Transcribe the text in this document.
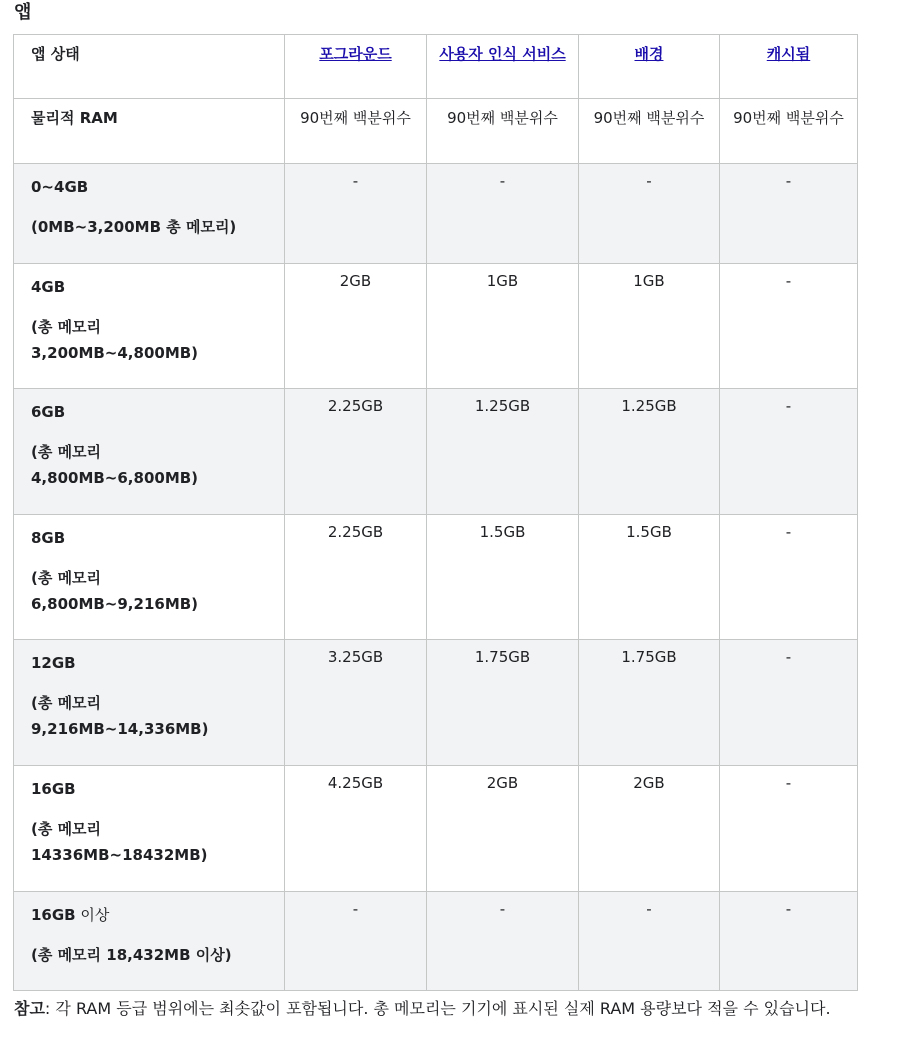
앱
앱 상태	포그라운드	사용자 인식 서비스	배경	캐시됨
물리적 RAM	90번째 백분위수	90번째 백분위수	90번째 백분위수	90번째 백분위수

0~4GB
(0MB~3,200MB 총 메모리)	-	-	-	-

4GB
(총 메모리 3,200MB~4,800MB)	2GB	1GB	1GB	-

6GB
(총 메모리 4,800MB~6,800MB)	2.25GB	1.25GB	1.25GB	-

8GB
(총 메모리 6,800MB~9,216MB)	2.25GB	1.5GB	1.5GB	-

12GB
(총 메모리 9,216MB~14,336MB)	3.25GB	1.75GB	1.75GB	-

16GB
(총 메모리 14336MB~18432MB)	4.25GB	2GB	2GB	-

16GB 이상
(총 메모리 18,432MB 이상)	-	-	-	-
참고: 각 RAM 등급 범위에는 최솟값이 포함됩니다. 총 메모리는 기기에 표시된 실제 RAM 용량보다 적을 수 있습니다.
